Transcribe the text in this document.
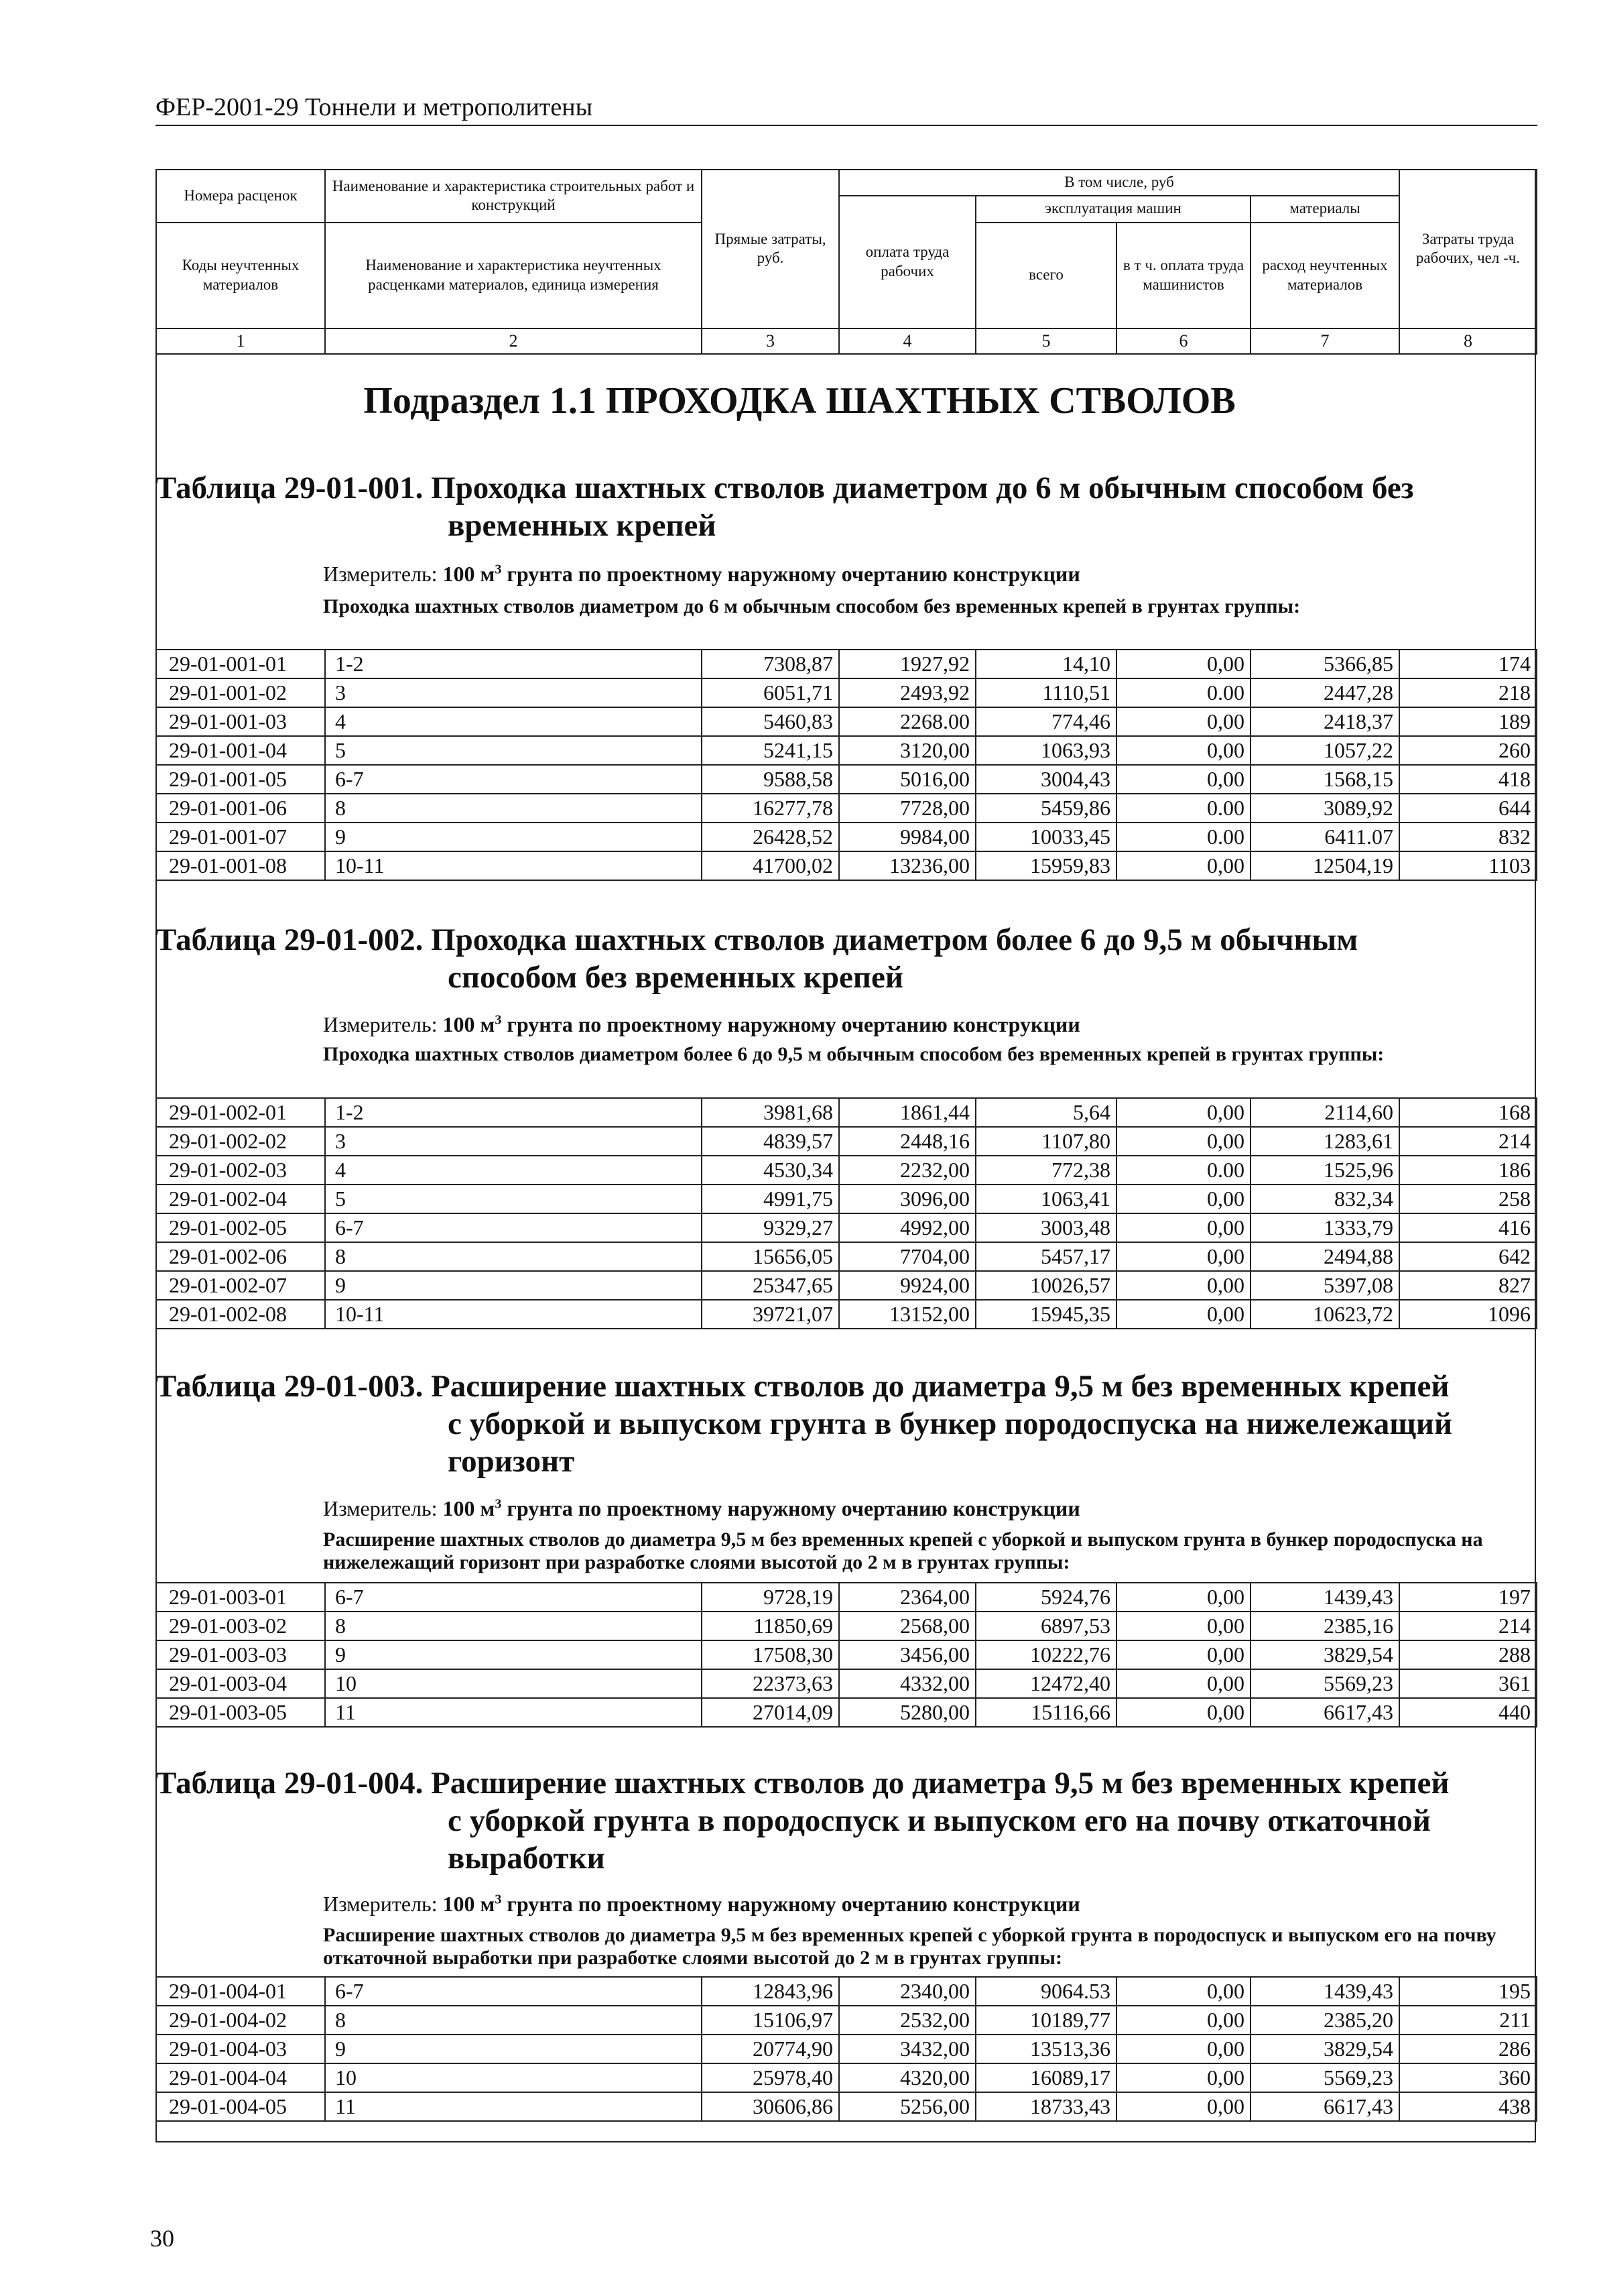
ФЕР-2001-29 Тоннели и метрополитены
Номера расценок	Наименование и характеристика строительных работ и конструкций	Прямые затраты, руб.	В том числе, руб				Затраты труда рабочих, чел -ч.
			оплата труда рабочих	эксплуатация машин		материалы	
Коды неучтенных материалов	Наименование и характеристика неучтенных расценками материалов, единица измерения			всего	в т ч. оплата труда машинистов	расход неучтенных материалов	

1	2	3	4	5	6	7	8
Подраздел 1.1 ПРОХОДКА ШАХТНЫХ СТВОЛОВ
Таблица 29-01-001. Проходка шахтных стволов диаметром до 6 м обычным способом без
временных крепей
Измеритель: 100 $м^3$ грунта по проектному наружному очертанию конструкции
Проходка шахтных стволов диаметром до 6 м обычным способом без временных крепей в грунтах группы:
29-01-001-01	1-2	7308,87	1927,92	14,10	0,00	5366,85	174
29-01-001-02	3	6051,71	2493,92	1110,51	0.00	2447,28	218
29-01-001-03	4	5460,83	2268.00	774,46	0,00	2418,37	189
29-01-001-04	5	5241,15	3120,00	1063,93	0,00	1057,22	260
29-01-001-05	6-7	9588,58	5016,00	3004,43	0,00	1568,15	418
29-01-001-06	8	16277,78	7728,00	5459,86	0.00	3089,92	644
29-01-001-07	9	26428,52	9984,00	10033,45	0.00	6411.07	832
29-01-001-08	10-11	41700,02	13236,00	15959,83	0,00	12504,19	1103
Таблица 29-01-002. Проходка шахтных стволов диаметром более 6 до 9,5 м обычным
способом без временных крепей
Измеритель: 100 $м^3$ грунта по проектному наружному очертанию конструкции
Проходка шахтных стволов диаметром более 6 до 9,5 м обычным способом без временных крепей в грунтах группы:
29-01-002-01	1-2	3981,68	1861,44	5,64	0,00	2114,60	168
29-01-002-02	3	4839,57	2448,16	1107,80	0,00	1283,61	214
29-01-002-03	4	4530,34	2232,00	772,38	0.00	1525,96	186
29-01-002-04	5	4991,75	3096,00	1063,41	0,00	832,34	258
29-01-002-05	6-7	9329,27	4992,00	3003,48	0,00	1333,79	416
29-01-002-06	8	15656,05	7704,00	5457,17	0,00	2494,88	642
29-01-002-07	9	25347,65	9924,00	10026,57	0,00	5397,08	827
29-01-002-08	10-11	39721,07	13152,00	15945,35	0,00	10623,72	1096
Таблица 29-01-003. Расширение шахтных стволов до диаметра 9,5 м без временных крепей
с уборкой и выпуском грунта в бункер породоспуска на нижележащий
горизонт
Измеритель: 100 $м^3$ грунта по проектному наружному очертанию конструкции
Расширение шахтных стволов до диаметра 9,5 м без временных крепей с уборкой и выпуском грунта в бункер породоспуска на нижележащий горизонт при разработке слоями высотой до 2 м в грунтах группы:
29-01-003-01	6-7	9728,19	2364,00	5924,76	0,00	1439,43	197
29-01-003-02	8	11850,69	2568,00	6897,53	0,00	2385,16	214
29-01-003-03	9	17508,30	3456,00	10222,76	0,00	3829,54	288
29-01-003-04	10	22373,63	4332,00	12472,40	0,00	5569,23	361
29-01-003-05	11	27014,09	5280,00	15116,66	0,00	6617,43	440
Таблица 29-01-004. Расширение шахтных стволов до диаметра 9,5 м без временных крепей
с уборкой грунта в породоспуск и выпуском его на почву откаточной
выработки
Измеритель: 100 $м^3$ грунта по проектному наружному очертанию конструкции
Расширение шахтных стволов до диаметра 9,5 м без временных крепей с уборкой грунта в породоспуск и выпуском его на почву откаточной выработки при разработке слоями высотой до 2 м в грунтах группы:
29-01-004-01	6-7	12843,96	2340,00	9064.53	0,00	1439,43	195
29-01-004-02	8	15106,97	2532,00	10189,77	0,00	2385,20	211
29-01-004-03	9	20774,90	3432,00	13513,36	0,00	3829,54	286
29-01-004-04	10	25978,40	4320,00	16089,17	0,00	5569,23	360
29-01-004-05	11	30606,86	5256,00	18733,43	0,00	6617,43	438
30
